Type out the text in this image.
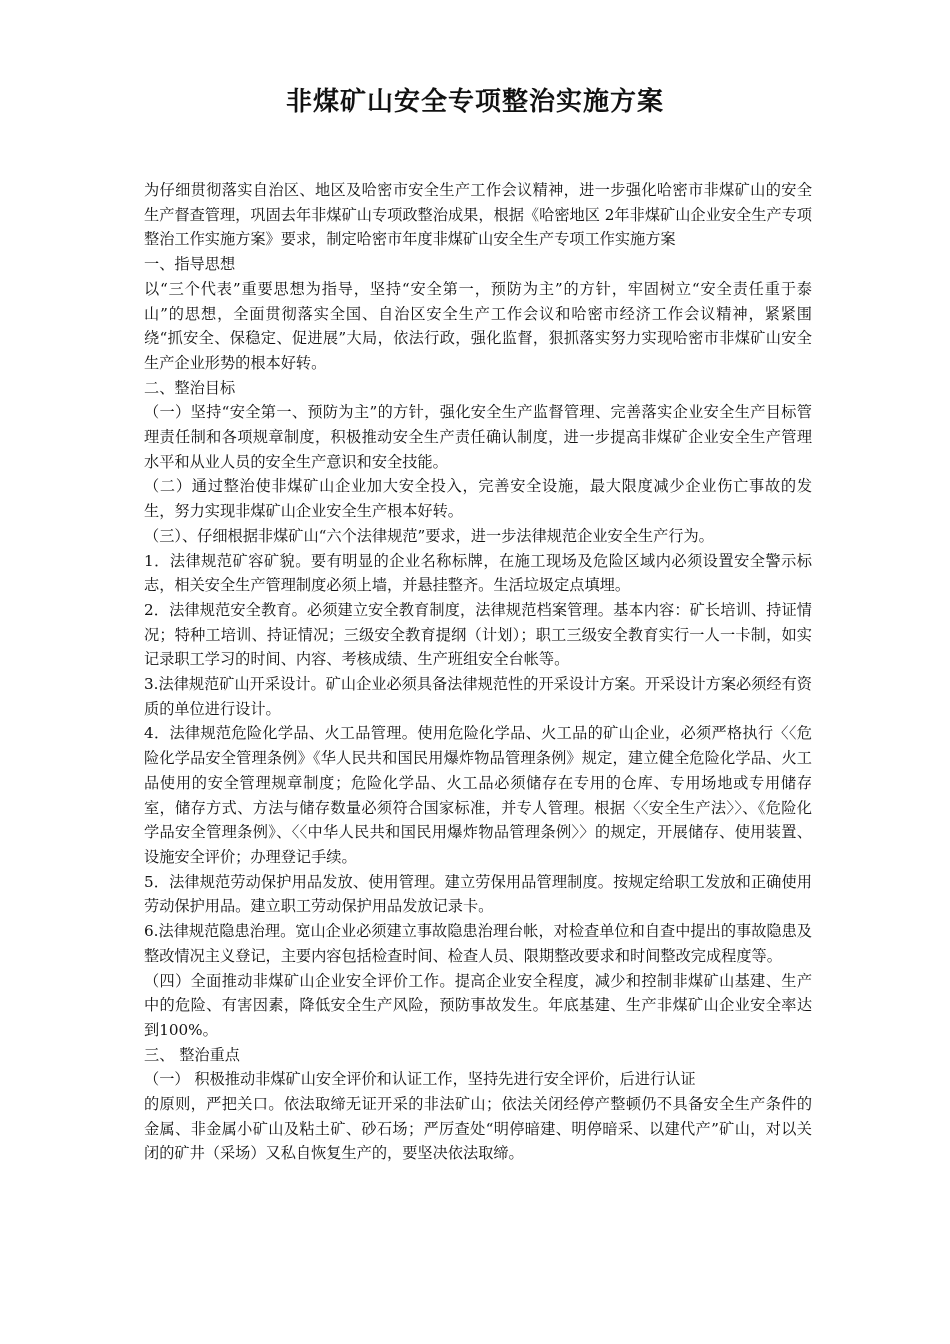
非煤矿山安全专项整治实施方案

为仔细贯彻落实自治区、地区及哈密市安全生产工作会议精神，进一步强化哈密市非煤矿山的安全生产督查管理，巩固去年非煤矿山专项政整治成果，根据《哈密地区 2年非煤矿山企业安全生产专项整治工作实施方案》要求，制定哈密市年度非煤矿山安全生产专项工作实施方案

一、指导思想

以“三个代表”重要思想为指导，坚持“安全第一，预防为主”的方针，牢固树立“安全责任重于泰山”的思想，全面贯彻落实全国、自治区安全生产工作会议和哈密市经济工作会议精神，紧紧围绕“抓安全、保稳定、促进展”大局，依法行政，强化监督，狠抓落实努力实现哈密市非煤矿山安全生产企业形势的根本好转。

二、整治目标

（一）坚持“安全第一、预防为主”的方针，强化安全生产监督管理、完善落实企业安全生产目标管理责任制和各项规章制度，积极推动安全生产责任确认制度，进一步提高非煤矿企业安全生产管理水平和从业人员的安全生产意识和安全技能。

（二）通过整治使非煤矿山企业加大安全投入，完善安全设施，最大限度减少企业伤亡事故的发生，努力实现非煤矿山企业安全生产根本好转。

（三）、仔细根据非煤矿山“六个法律规范”要求，进一步法律规范企业安全生产行为。

1．法律规范矿容矿貌。要有明显的企业名称标牌，在施工现场及危险区域内必须设置安全警示标志，相关安全生产管理制度必须上墙，并悬挂整齐。生活垃圾定点填埋。

2．法律规范安全教育。必须建立安全教育制度，法律规范档案管理。基本内容：矿长培训、持证情况；特种工培训、持证情况；三级安全教育提纲（计划）；职工三级安全教育实行一人一卡制，如实记录职工学习的时间、内容、考核成绩、生产班组安全台帐等。

3.法律规范矿山开采设计。矿山企业必须具备法律规范性的开采设计方案。开采设计方案必须经有资质的单位进行设计。

4．法律规范危险化学品、火工品管理。使用危险化学品、火工品的矿山企业，必须严格执行〈〈危险化学品安全管理条例》《华人民共和国民用爆炸物品管理条例》规定，建立健全危险化学品、火工品使用的安全管理规章制度；危险化学品、火工品必须储存在专用的仓库、专用场地或专用储存室，储存方式、方法与储存数量必须符合国家标准，并专人管理。根据〈〈安全生产法〉〉、《危险化学品安全管理条例》、〈〈中华人民共和国民用爆炸物品管理条例〉〉的规定，开展储存、使用装置、设施安全评价；办理登记手续。

5．法律规范劳动保护用品发放、使用管理。建立劳保用品管理制度。按规定给职工发放和正确使用劳动保护用品。建立职工劳动保护用品发放记录卡。

6.法律规范隐患治理。宽山企业必须建立事故隐患治理台帐，对检查单位和自查中提出的事故隐患及整改情况主义登记，主要内容包括检查时间、检查人员、限期整改要求和时间整改完成程度等。

（四）全面推动非煤矿山企业安全评价工作。提高企业安全程度，减少和控制非煤矿山基建、生产中的危险、有害因素，降低安全生产风险，预防事故发生。年底基建、生产非煤矿山企业安全率达到100%。

三、 整治重点

（一） 积极推动非煤矿山安全评价和认证工作，坚持先进行安全评价，后进行认证

的原则，严把关口。依法取缔无证开采的非法矿山；依法关闭经停产整顿仍不具备安全生产条件的金属、非金属小矿山及粘土矿、砂石场；严厉查处“明停暗建、明停暗采、以建代产”矿山，对以关闭的矿井（采场）又私自恢复生产的，要坚决依法取缔。
